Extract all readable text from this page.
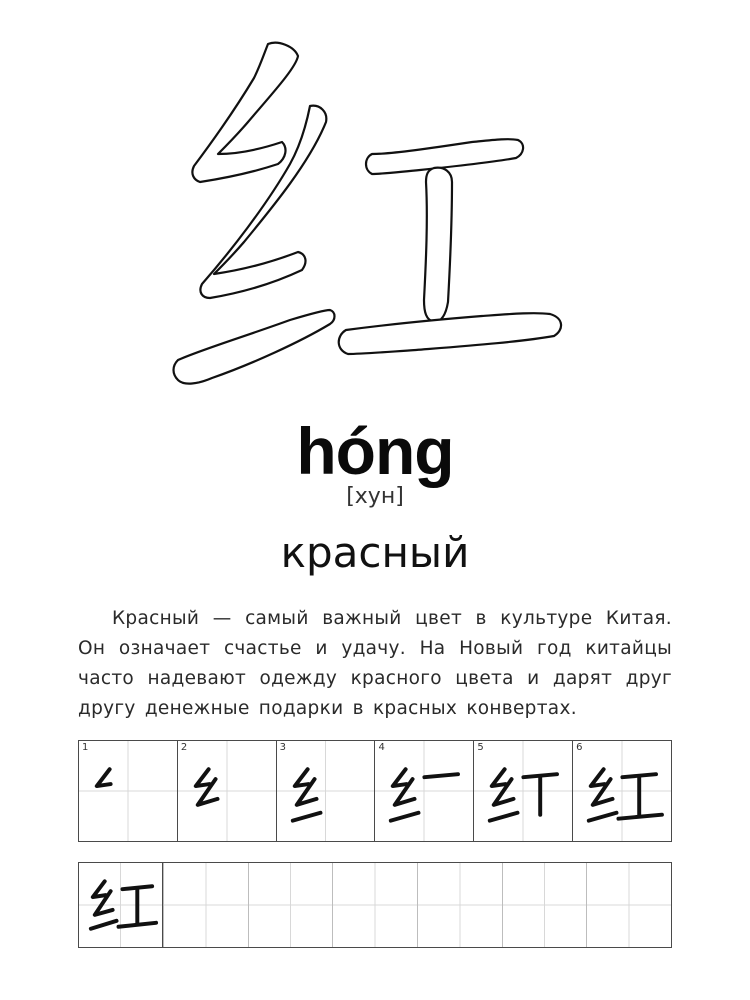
hóng
[хун]
красный
Красный — самый важный цвет в культуре Китая. Он означает счастье и удачу. На Новый год китайцы часто надевают одежду красного цвета и дарят друг другу денежные подарки в красных конвертах.
1	2	3	4	5	6
